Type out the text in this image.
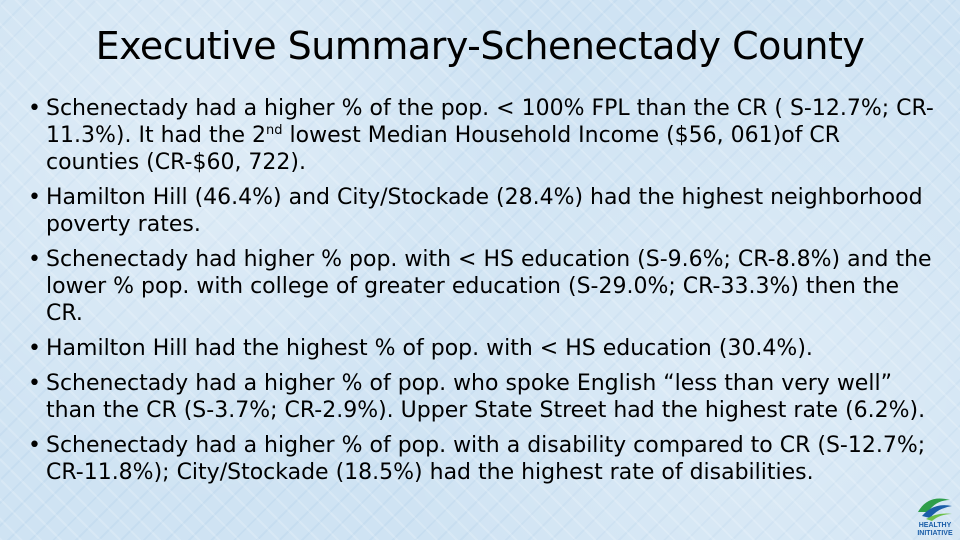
Executive Summary-Schenectady County
• Schenectady had a higher % of the pop. < 100% FPL than the CR ( S-12.7%; CR-11.3%). It had the 2nd lowest Median Household Income ($56, 061)of CR counties (CR-$60, 722).
• Hamilton Hill (46.4%) and City/Stockade (28.4%) had the highest neighborhood poverty rates.
• Schenectady had higher % pop. with < HS education (S-9.6%; CR-8.8%) and the lower % pop. with college of greater education (S-29.0%; CR-33.3%) then the CR.
• Hamilton Hill had the highest % of pop. with < HS education (30.4%).
• Schenectady had a higher % of pop. who spoke English “less than very well” than the CR (S-3.7%; CR-2.9%). Upper State Street had the highest rate (6.2%).
• Schenectady had a higher % of pop. with a disability compared to CR (S-12.7%; CR-11.8%); City/Stockade (18.5%) had the highest rate of disabilities.
HEALTHY
INITIATIVE
